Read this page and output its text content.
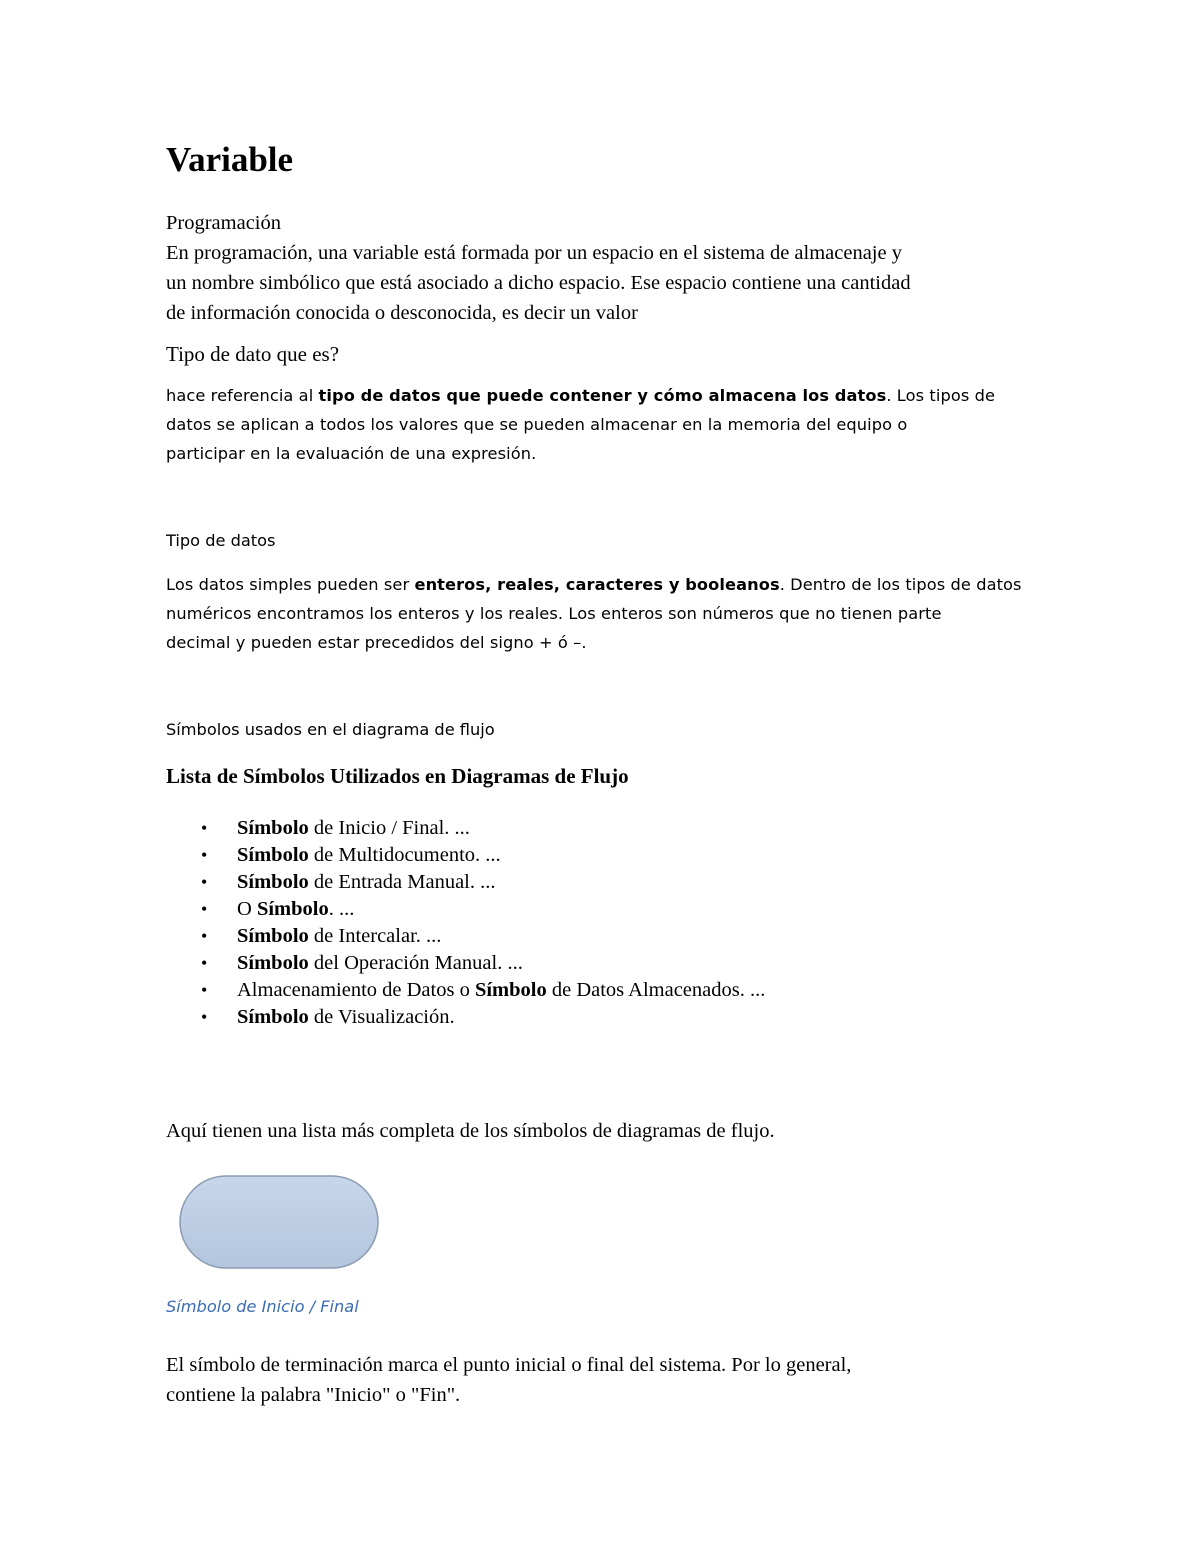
Variable
Programación
En programación, una variable está formada por un espacio en el sistema de almacenaje y
un nombre simbólico que está asociado a dicho espacio. Ese espacio contiene una cantidad
de información conocida o desconocida, es decir un valor
Tipo de dato que es?

hace referencia al tipo de datos que puede contener y cómo almacena los datos. Los tipos de
datos se aplican a todos los valores que se pueden almacenar en la memoria del equipo o
participar en la evaluación de una expresión.

Tipo de datos

Los datos simples pueden ser enteros, reales, caracteres y booleanos. Dentro de los tipos de datos
numéricos encontramos los enteros y los reales. Los enteros son números que no tienen parte
decimal y pueden estar precedidos del signo + ó –.

Símbolos usados en el diagrama de flujo

Lista de Símbolos Utilizados en Diagramas de Flujo
• Símbolo de Inicio / Final. ...
• Símbolo de Multidocumento. ...
• Símbolo de Entrada Manual. ...
• O Símbolo. ...
• Símbolo de Intercalar. ...
• Símbolo del Operación Manual. ...
• Almacenamiento de Datos o Símbolo de Datos Almacenados. ...
• Símbolo de Visualización.

Aquí tienen una lista más completa de los símbolos de diagramas de flujo.

Símbolo de Inicio / Final

El símbolo de terminación marca el punto inicial o final del sistema. Por lo general,
contiene la palabra "Inicio" o "Fin".
